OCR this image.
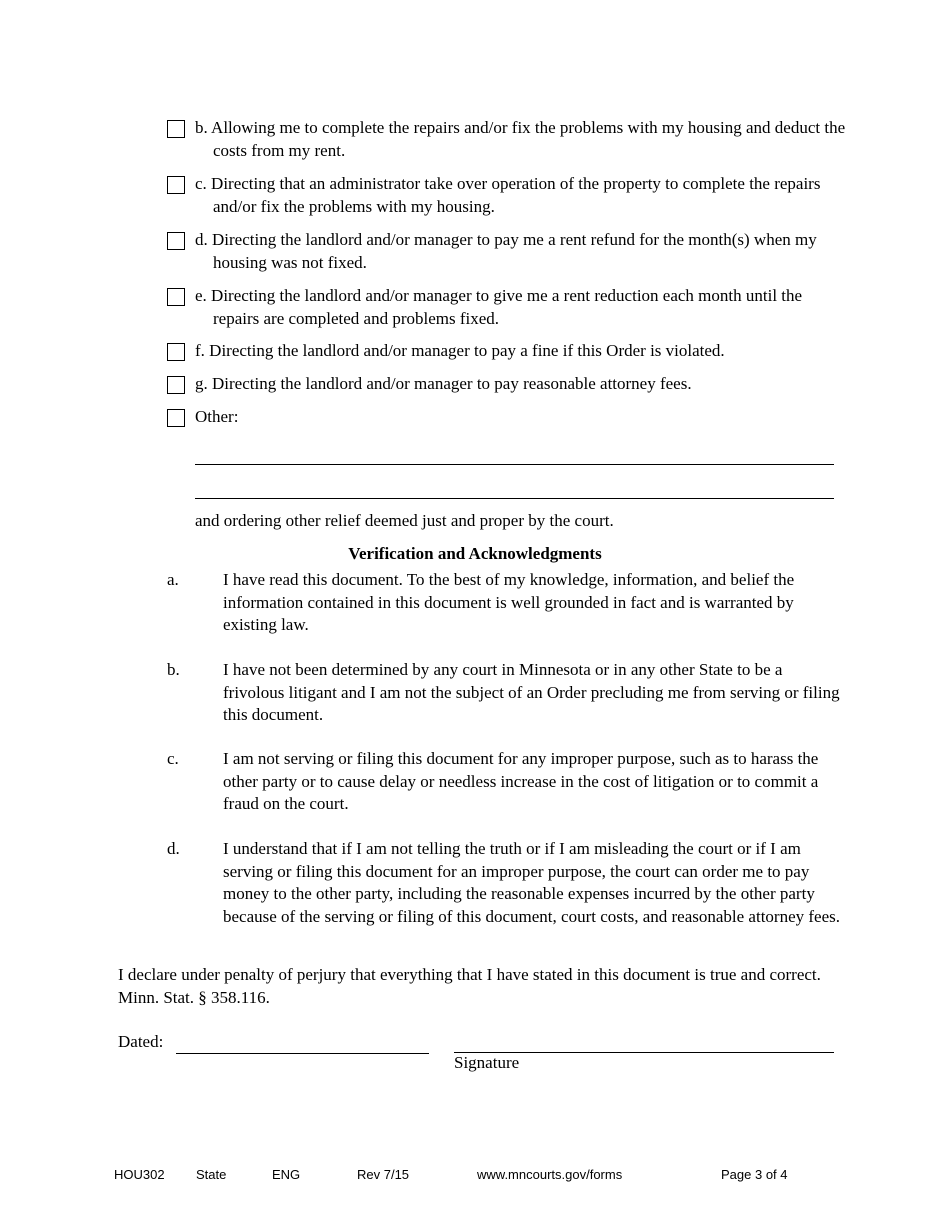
b. Allowing me to complete the repairs and/or fix the problems with my housing and deduct the costs from my rent.
c. Directing that an administrator take over operation of the property to complete the repairs and/or fix the problems with my housing.
d. Directing the landlord and/or manager to pay me a rent refund for the month(s) when my housing was not fixed.
e. Directing the landlord and/or manager to give me a rent reduction each month until the repairs are completed and problems fixed.
f. Directing the landlord and/or manager to pay a fine if this Order is violated.
g. Directing the landlord and/or manager to pay reasonable attorney fees.
Other:
and ordering other relief deemed just and proper by the court.
Verification and Acknowledgments
a.	I have read this document. To the best of my knowledge, information, and belief the information contained in this document is well grounded in fact and is warranted by existing law.
b.	I have not been determined by any court in Minnesota or in any other State to be a frivolous litigant and I am not the subject of an Order precluding me from serving or filing this document.
c.	I am not serving or filing this document for any improper purpose, such as to harass the other party or to cause delay or needless increase in the cost of litigation or to commit a fraud on the court.
d.	I understand that if I am not telling the truth or if I am misleading the court or if I am serving or filing this document for an improper purpose, the court can order me to pay money to the other party, including the reasonable expenses incurred by the other party because of the serving or filing of this document, court costs, and reasonable attorney fees.
I declare under penalty of perjury that everything that I have stated in this document is true and correct. Minn. Stat. § 358.116.
Dated:
Signature
HOU302 State	ENG	Rev 7/15	www.mncourts.gov/forms	Page 3 of 4
